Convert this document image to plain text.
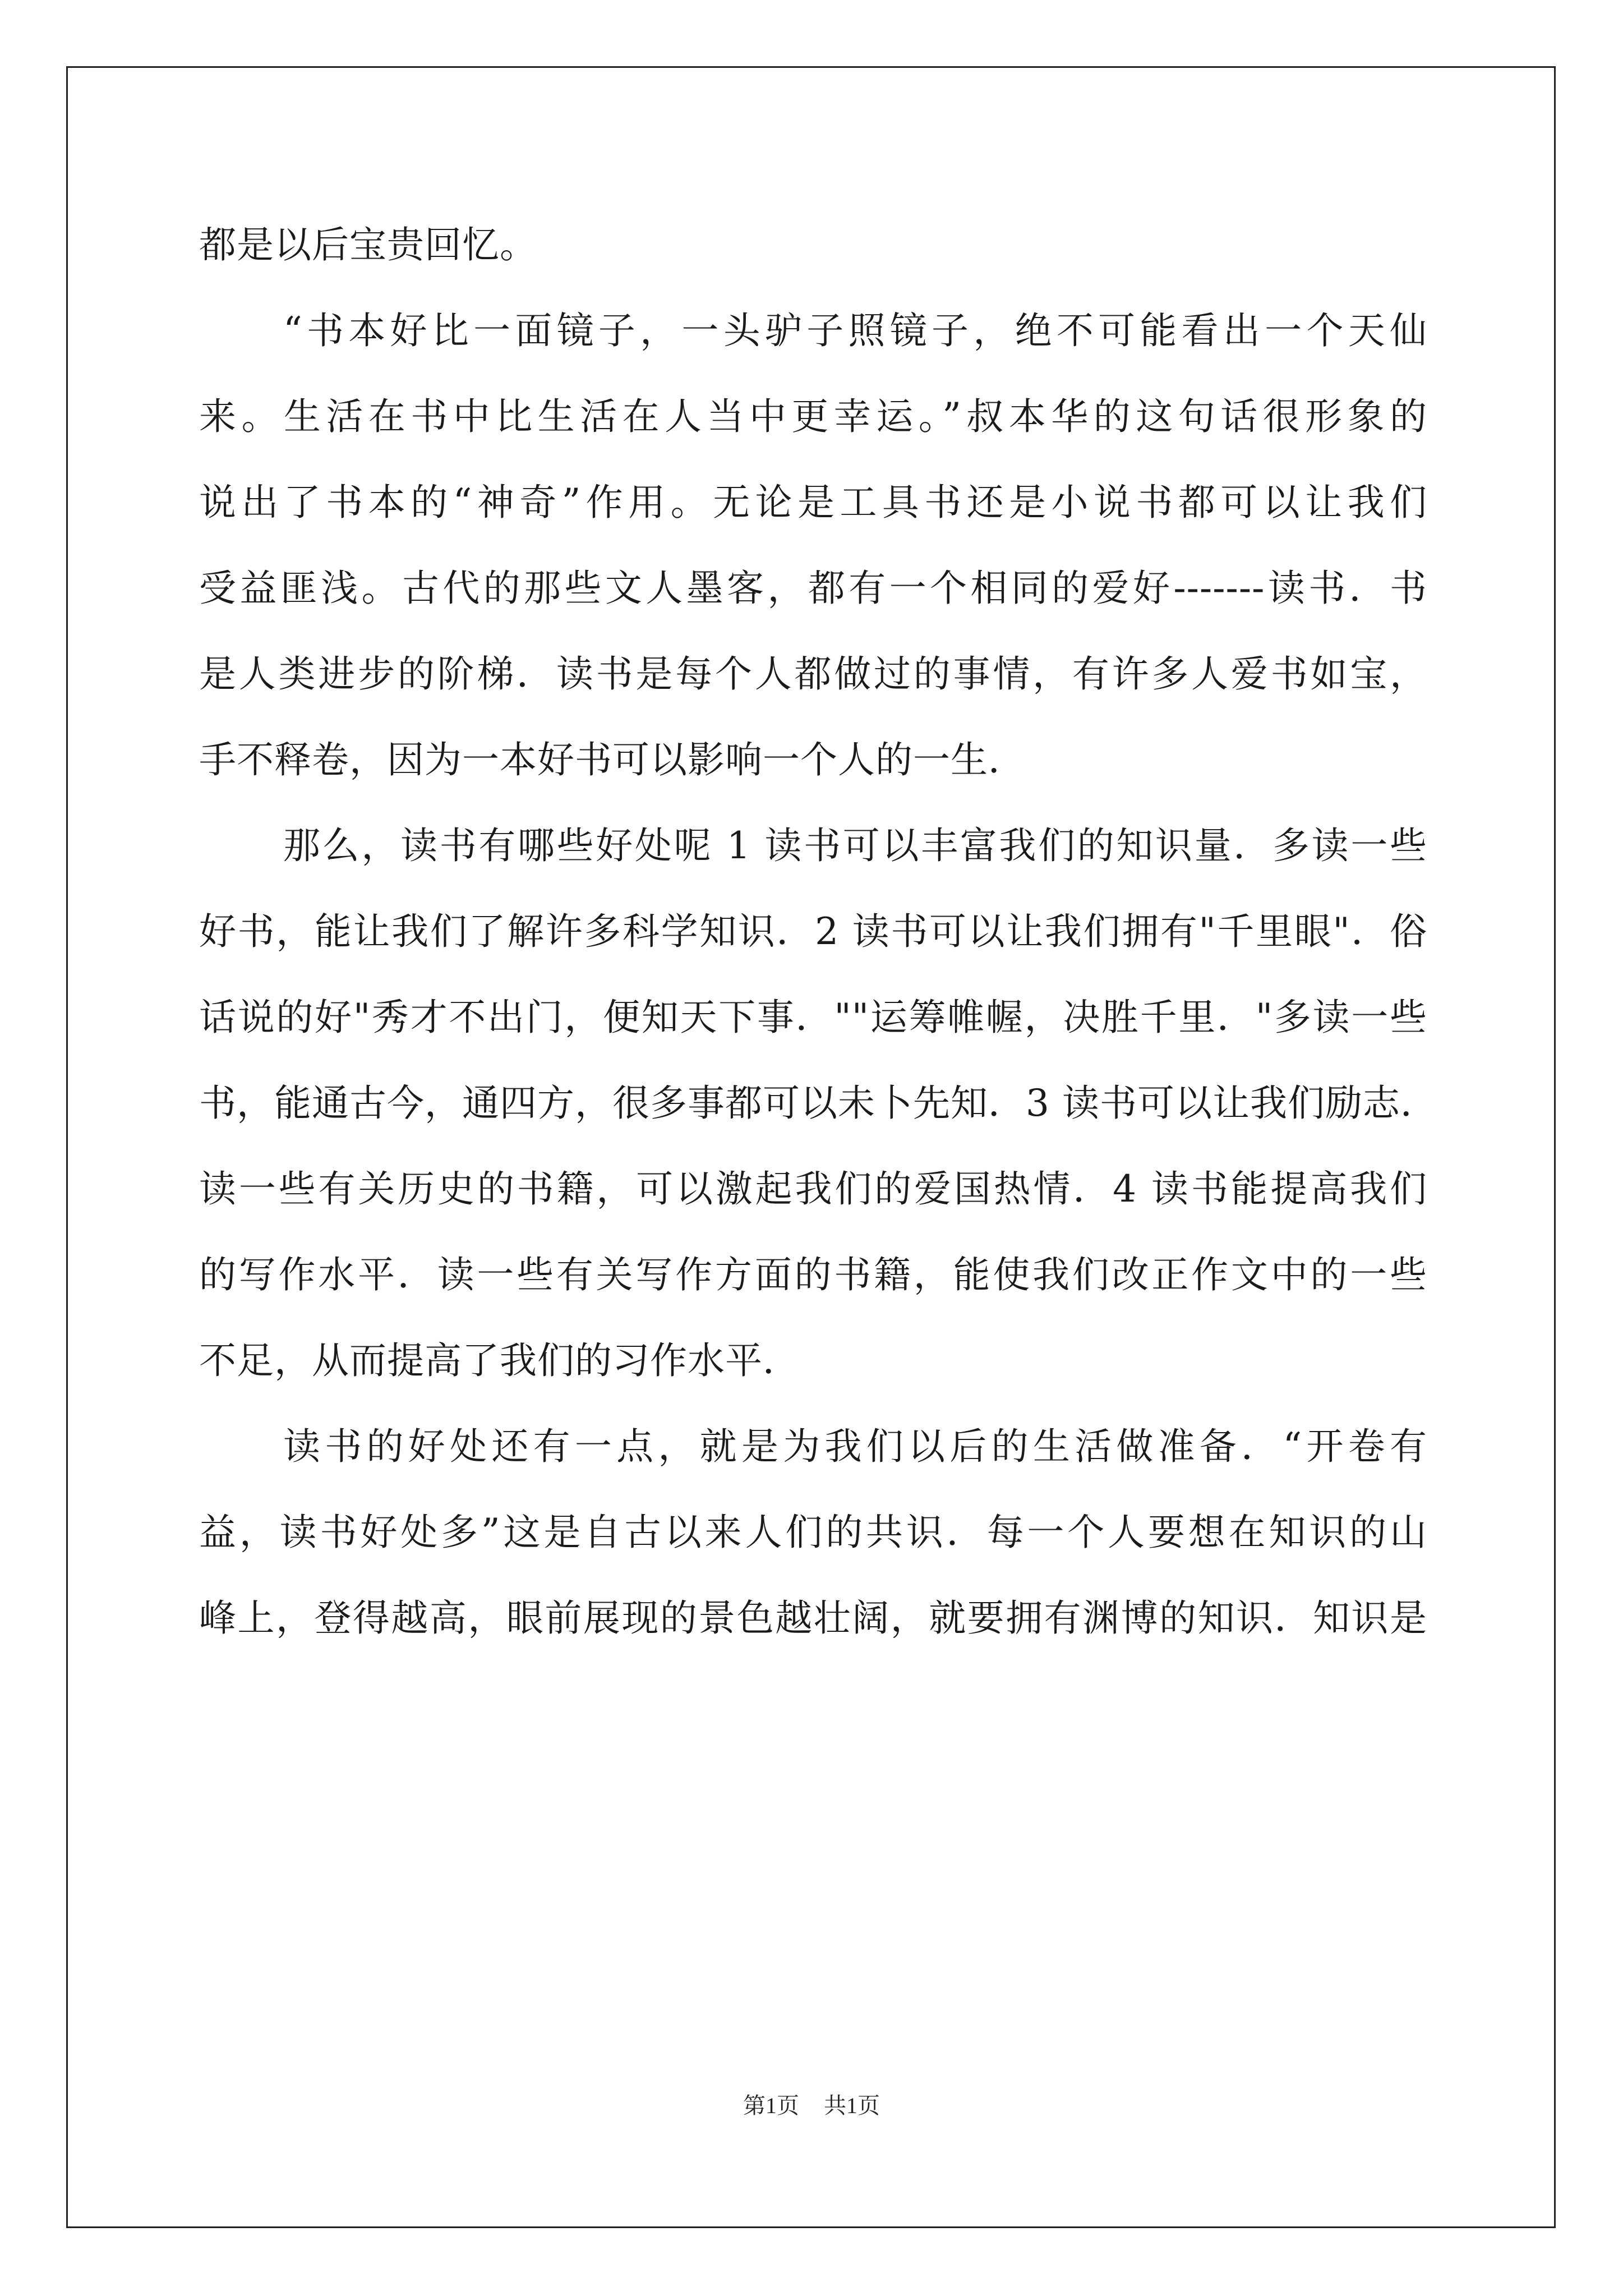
都是以后宝贵回忆。
“书本好比一面镜子，一头驴子照镜子，绝不可能看出一个天仙
来。生活在书中比生活在人当中更幸运。”叔本华的这句话很形象的
说出了书本的“神奇”作用。无论是工具书还是小说书都可以让我们
受益匪浅。古代的那些文人墨客，都有一个相同的爱好-------读书．书
是人类进步的阶梯．读书是每个人都做过的事情，有许多人爱书如宝，
手不释卷，因为一本好书可以影响一个人的一生．
那么，读书有哪些好处呢 1 读书可以丰富我们的知识量．多读一些
好书，能让我们了解许多科学知识．2 读书可以让我们拥有"千里眼"．俗
话说的好"秀才不出门，便知天下事．""运筹帷幄，决胜千里．"多读一些
书，能通古今，通四方，很多事都可以未卜先知．3 读书可以让我们励志．
读一些有关历史的书籍，可以激起我们的爱国热情．4 读书能提高我们
的写作水平．读一些有关写作方面的书籍，能使我们改正作文中的一些
不足，从而提高了我们的习作水平．
读书的好处还有一点，就是为我们以后的生活做准备．“开卷有
益，读书好处多”这是自古以来人们的共识．每一个人要想在知识的山
峰上，登得越高，眼前展现的景色越壮阔，就要拥有渊博的知识．知识是
第1页 共1页
